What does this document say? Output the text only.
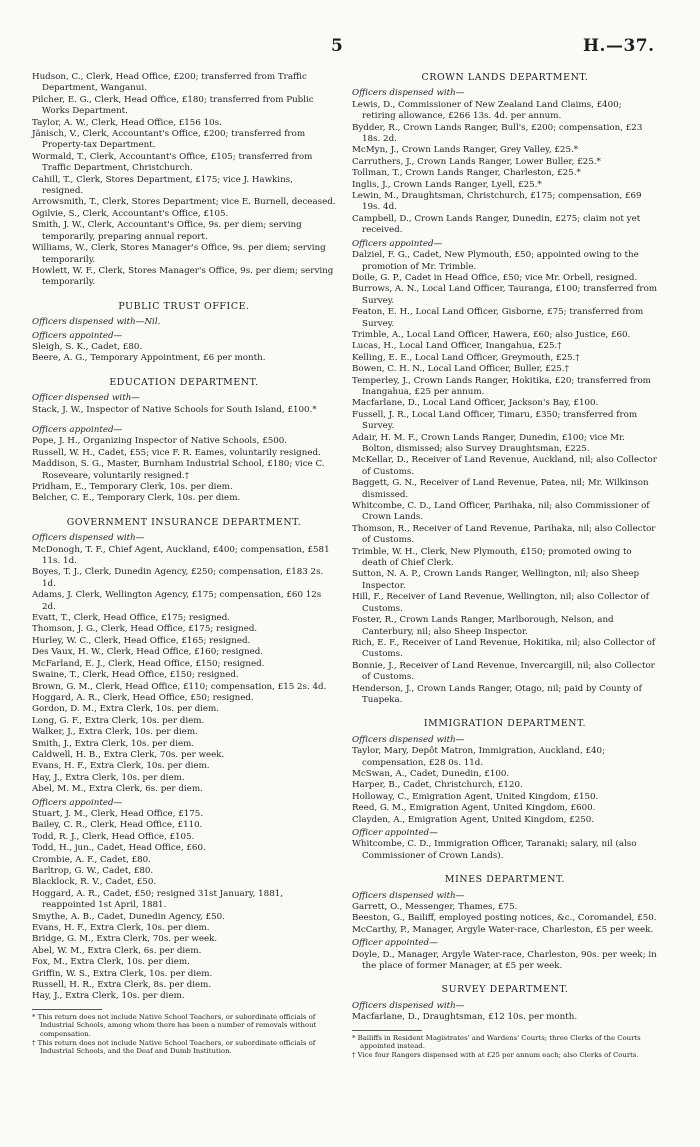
5	H.—37.

Hudson, C., Clerk, Head Office, £200; transferred from Traffic Department, Wanganui.

Pilcher, E. G., Clerk, Head Office, £180; transferred from Public Works Department.

Taylor, A. W., Clerk, Head Office, £156 10s.

Jänisch, V., Clerk, Accountant's Office, £200; transferred from Property-tax Department.

Wormald, T., Clerk, Accountant's Office, £105; transferred from Traffic Department, Christchurch.

Cahill, T., Clerk, Stores Department, £175; vice J. Hawkins, resigned.

Arrowsmith, T., Clerk, Stores Department; vice E. Burnell, deceased.

Ogilvie, S., Clerk, Accountant's Office, £105.

Smith, J. W., Clerk, Accountant's Office, 9s. per diem; serving temporarily, preparing annual report.

Williams, W., Clerk, Stores Manager's Office, 9s. per diem; serving temporarily.

Howlett, W. F., Clerk, Stores Manager's Office, 9s. per diem; serving temporarily.

PUBLIC TRUST OFFICE.

Officers dispensed with—Nil.

Officers appointed—

Sleigh, S. K., Cadet, £80.

Beere, A. G., Temporary Appointment, £6 per month.

EDUCATION DEPARTMENT.

Officer dispensed with—

Stack, J. W., Inspector of Native Schools for South Island, £100.*

Officers appointed—

Pope, J. H., Organizing Inspector of Native Schools, £500.

Russell, W. H., Cadet, £55; vice F. R. Eames, voluntarily resigned.

Maddison, S. G., Master, Burnham Industrial School, £180; vice C. Roseveare, voluntarily resigned.†

Pridham, E., Temporary Clerk, 10s. per diem.

Belcher, C. E., Temporary Clerk, 10s. per diem.

GOVERNMENT INSURANCE DEPARTMENT.

Officers dispensed with—

McDonogh, T. F., Chief Agent, Auckland, £400; compensation, £581 11s. 1d.

Boyes, T. J., Clerk, Dunedin Agency, £250; compensation, £183 2s. 1d.

Adams, J. Clerk, Wellington Agency, £175; compensation, £60 12s 2d.

Evatt, T., Clerk, Head Office, £175; resigned.

Thomson, J. G., Clerk, Head Office, £175; resigned.

Hurley, W. C., Clerk, Head Office, £165; resigned.

Des Vaux, H. W., Clerk, Head Office, £160; resigned.

McFarland, E. J., Clerk, Head Office, £150; resigned.

Swaine, T., Clerk, Head Office, £150; resigned.

Brown, G. M., Clerk, Head Office, £110; compensation, £15 2s. 4d.

Hoggard, A. R., Clerk, Head Office, £50; resigned.

Gordon, D. M., Extra Clerk, 10s. per diem.

Long, G. F., Extra Clerk, 10s. per diem.

Walker, J., Extra Clerk, 10s. per diem.

Smith, J., Extra Clerk, 10s. per diem.

Caldwell, H. B., Extra Clerk, 70s. per week.

Evans, H. F., Extra Clerk, 10s. per diem.

Hay, J., Extra Clerk, 10s. per diem.

Abel, M. M., Extra Clerk, 6s. per diem.

Officers appointed—

Stuart, J. M., Clerk, Head Office, £175.

Bailey, C. R., Clerk, Head Office, £110.

Todd, R. J., Clerk, Head Office, £105.

Todd, H., jun., Cadet, Head Office, £60.

Crombie, A. F., Cadet, £80.

Barltrop, G. W., Cadet, £80.

Blacklock, R. V., Cadet, £50.

Hoggard, A. R., Cadet, £50; resigned 31st January, 1881, reappointed 1st April, 1881.

Smythe, A. B., Cadet, Dunedin Agency, £50.

Evans, H. F., Extra Clerk, 10s. per diem.

Bridge, G. M., Extra Clerk, 70s. per week.

Abel, W. M., Extra Clerk, 6s. per diem.

Fox, M., Extra Clerk, 10s. per diem.

Griffin, W. S., Extra Clerk, 10s. per diem.

Russell, H. R., Extra Clerk, 8s. per diem.

Hay, J., Extra Clerk, 10s. per diem.

* This return does not include Native School Teachers, or subordinate officials of Industrial Schools, among whom there has been a number of removals without compensation.

† This return does not include Native School Teachers, or subordinate officials of Industrial Schools, and the Deaf and Dumb Institution.

CROWN LANDS DEPARTMENT.

Officers dispensed with—

Lewis, D., Commissioner of New Zealand Land Claims, £400; retiring allowance, £266 13s. 4d. per annum.

Bydder, R., Crown Lands Ranger, Bull's, £200; compensation, £23 18s. 2d.

McMyn, J., Crown Lands Ranger, Grey Valley, £25.*

Carruthers, J., Crown Lands Ranger, Lower Buller, £25.*

Tollman, T., Crown Lands Ranger, Charleston, £25.*

Inglis, J., Crown Lands Ranger, Lyell, £25.*

Lewin, M., Draughtsman, Christchurch, £175; compensation, £69 19s. 4d.

Campbell, D., Crown Lands Ranger, Dunedin, £275; claim not yet received.

Officers appointed—

Dalziel, F. G., Cadet, New Plymouth, £50; appointed owing to the promotion of Mr. Trimble.

Doile, G. P., Cadet in Head Office, £50; vice Mr. Orbell, resigned.

Burrows, A. N., Local Land Officer, Tauranga, £100; transferred from Survey.

Featon, E. H., Local Land Officer, Gisborne, £75; transferred from Survey.

Trimble, A., Local Land Officer, Hawera, £60; also Justice, £60.

Lucas, H., Local Land Officer, Inangahua, £25.†

Kelling, E. E., Local Land Officer, Greymouth, £25.†

Bowen, C. H. N., Local Land Officer, Buller, £25.†

Temperley, J., Crown Lands Ranger, Hokitika, £20; transferred from Inangahua, £25 per annum.

Macfarlane, D., Local Land Officer, Jackson's Bay, £100.

Fussell, J. R., Local Land Officer, Timaru, £350; transferred from Survey.

Adair, H. M. F., Crown Lands Ranger, Dunedin, £100; vice Mr. Bolton, dismissed; also Survey Draughtsman, £225.

McKellar, D., Receiver of Land Revenue, Auckland, nil; also Collector of Customs.

Baggett, G. N., Receiver of Land Revenue, Patea, nil; Mr. Wilkinson dismissed.

Whitcombe, C. D., Land Officer, Parihaka, nil; also Commissioner of Crown Lands.

Thomson, R., Receiver of Land Revenue, Parihaka, nil; also Collector of Customs.

Trimble, W. H., Clerk, New Plymouth, £150; promoted owing to death of Chief Clerk.

Sutton, N. A. P., Crown Lands Ranger, Wellington, nil; also Sheep Inspector.

Hill, F., Receiver of Land Revenue, Wellington, nil; also Collector of Customs.

Foster, R., Crown Lands Ranger, Marlborough, Nelson, and Canterbury, nil; also Sheep Inspector.

Rich, E. F., Receiver of Land Revenue, Hokitika, nil; also Collector of Customs.

Bonnie, J., Receiver of Land Revenue, Invercargill, nil; also Collector of Customs.

Henderson, J., Crown Lands Ranger, Otago, nil; paid by County of Tuapeka.

IMMIGRATION DEPARTMENT.

Officers dispensed with—

Taylor, Mary, Depôt Matron, Immigration, Auckland, £40; compensation, £28 0s. 11d.

McSwan, A., Cadet, Dunedin, £100.

Harper, B., Cadet, Christchurch, £120.

Holloway, C., Emigration Agent, United Kingdom, £150.

Reed, G. M., Emigration Agent, United Kingdom, £600.

Clayden, A., Emigration Agent, United Kingdom, £250.

Officer appointed—

Whitcombe, C. D., Immigration Officer, Taranaki; salary, nil (also Commissioner of Crown Lands).

MINES DEPARTMENT.

Officers dispensed with—

Garrett, O., Messenger, Thames, £75.

Beeston, G., Bailiff, employed posting notices, &c., Coromandel, £50.

McCarthy, P., Manager, Argyle Water-race, Charleston, £5 per week.

Officer appointed—

Doyle, D., Manager, Argyle Water-race, Charleston, 90s. per week; in the place of former Manager, at £5 per week.

SURVEY DEPARTMENT.

Officers dispensed with—

Macfarlane, D., Draughtsman, £12 10s. per month.

* Bailiffs in Resident Magistrates' and Wardens' Courts; three Clerks of the Courts appointed instead.

† Vice four Rangers dispensed with at £25 per annum each; also Clerks of Courts.
